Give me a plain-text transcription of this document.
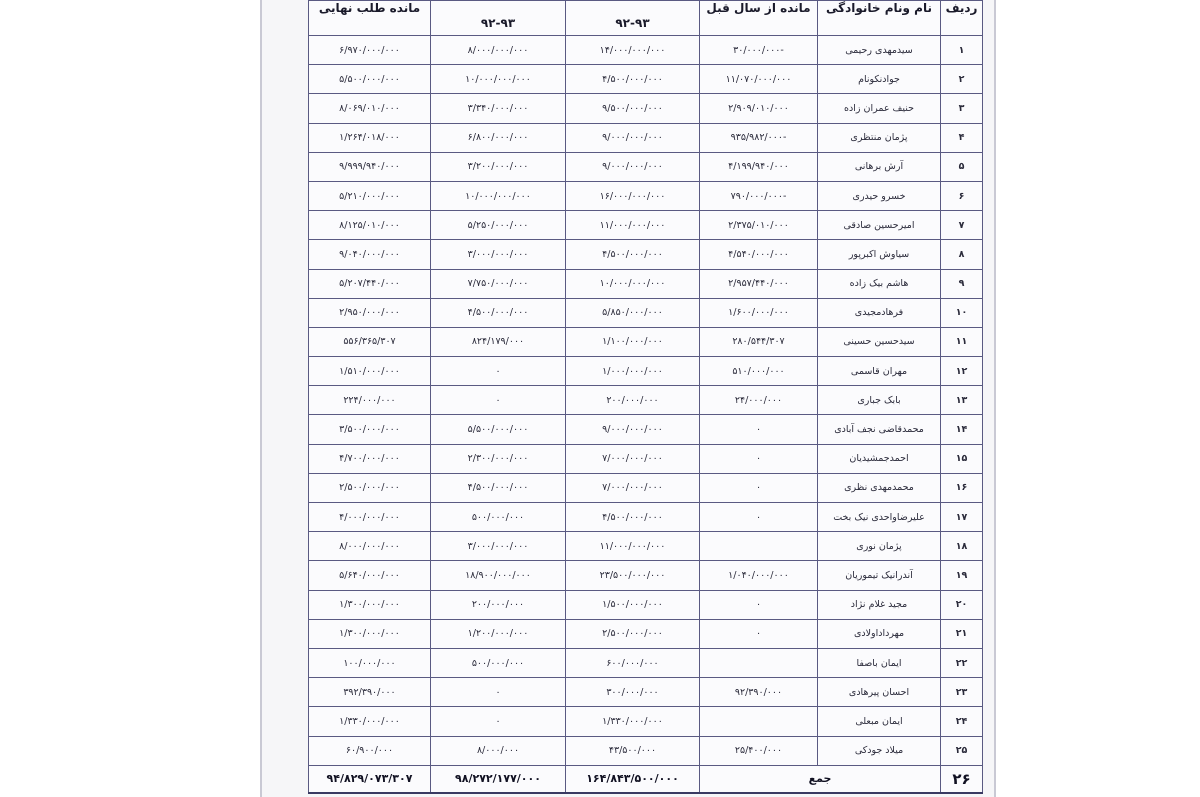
ردیف	نام ونام خانوادگی	مانده از سال قبل	۹۲-۹۳	۹۲-۹۳	مانده طلب نهایی
۱	سیدمهدی رحیمی	-۳۰/۰۰۰/۰۰۰	۱۴/۰۰۰/۰۰۰/۰۰۰	۸/۰۰۰/۰۰۰/۰۰۰	۶/۹۷۰/۰۰۰/۰۰۰
۲	جوادنکونام	۱۱/۰۷۰/۰۰۰/۰۰۰	۴/۵۰۰/۰۰۰/۰۰۰	۱۰/۰۰۰/۰۰۰/۰۰۰	۵/۵۰۰/۰۰۰/۰۰۰
۳	حنیف عمران زاده	۲/۹۰۹/۰۱۰/۰۰۰	۹/۵۰۰/۰۰۰/۰۰۰	۳/۳۴۰/۰۰۰/۰۰۰	۸/۰۶۹/۰۱۰/۰۰۰
۴	پژمان منتظری	-۹۳۵/۹۸۲/۰۰۰	۹/۰۰۰/۰۰۰/۰۰۰	۶/۸۰۰/۰۰۰/۰۰۰	۱/۲۶۴/۰۱۸/۰۰۰
۵	آرش برهانی	۴/۱۹۹/۹۴۰/۰۰۰	۹/۰۰۰/۰۰۰/۰۰۰	۳/۲۰۰/۰۰۰/۰۰۰	۹/۹۹۹/۹۴۰/۰۰۰
۶	خسرو حیدری	-۷۹۰/۰۰۰/۰۰۰	۱۶/۰۰۰/۰۰۰/۰۰۰	۱۰/۰۰۰/۰۰۰/۰۰۰	۵/۲۱۰/۰۰۰/۰۰۰
۷	امیرحسین صادقی	۲/۳۷۵/۰۱۰/۰۰۰	۱۱/۰۰۰/۰۰۰/۰۰۰	۵/۲۵۰/۰۰۰/۰۰۰	۸/۱۲۵/۰۱۰/۰۰۰
۸	سیاوش اکبرپور	۴/۵۴۰/۰۰۰/۰۰۰	۴/۵۰۰/۰۰۰/۰۰۰	۳/۰۰۰/۰۰۰/۰۰۰	۹/۰۴۰/۰۰۰/۰۰۰
۹	هاشم بیک زاده	۲/۹۵۷/۴۴۰/۰۰۰	۱۰/۰۰۰/۰۰۰/۰۰۰	۷/۷۵۰/۰۰۰/۰۰۰	۵/۲۰۷/۴۴۰/۰۰۰
۱۰	فرهادمجیدی	۱/۶۰۰/۰۰۰/۰۰۰	۵/۸۵۰/۰۰۰/۰۰۰	۴/۵۰۰/۰۰۰/۰۰۰	۲/۹۵۰/۰۰۰/۰۰۰
۱۱	سیدحسین حسینی	۲۸۰/۵۴۴/۳۰۷	۱/۱۰۰/۰۰۰/۰۰۰	۸۲۴/۱۷۹/۰۰۰	۵۵۶/۳۶۵/۳۰۷
۱۲	مهران قاسمی	۵۱۰/۰۰۰/۰۰۰	۱/۰۰۰/۰۰۰/۰۰۰	۰	۱/۵۱۰/۰۰۰/۰۰۰
۱۳	بابک جباری	۲۴/۰۰۰/۰۰۰	۲۰۰/۰۰۰/۰۰۰	۰	۲۲۴/۰۰۰/۰۰۰
۱۴	محمدقاضی نجف آبادی	۰	۹/۰۰۰/۰۰۰/۰۰۰	۵/۵۰۰/۰۰۰/۰۰۰	۳/۵۰۰/۰۰۰/۰۰۰
۱۵	احمدجمشیدیان	۰	۷/۰۰۰/۰۰۰/۰۰۰	۲/۳۰۰/۰۰۰/۰۰۰	۴/۷۰۰/۰۰۰/۰۰۰
۱۶	محمدمهدی نظری	۰	۷/۰۰۰/۰۰۰/۰۰۰	۴/۵۰۰/۰۰۰/۰۰۰	۲/۵۰۰/۰۰۰/۰۰۰
۱۷	علیرضاواحدی نیک بخت	۰	۴/۵۰۰/۰۰۰/۰۰۰	۵۰۰/۰۰۰/۰۰۰	۴/۰۰۰/۰۰۰/۰۰۰
۱۸	پژمان نوری		۱۱/۰۰۰/۰۰۰/۰۰۰	۳/۰۰۰/۰۰۰/۰۰۰	۸/۰۰۰/۰۰۰/۰۰۰
۱۹	آندرانیک تیموریان	۱/۰۴۰/۰۰۰/۰۰۰	۲۳/۵۰۰/۰۰۰/۰۰۰	۱۸/۹۰۰/۰۰۰/۰۰۰	۵/۶۴۰/۰۰۰/۰۰۰
۲۰	مجید غلام نژاد	۰	۱/۵۰۰/۰۰۰/۰۰۰	۲۰۰/۰۰۰/۰۰۰	۱/۳۰۰/۰۰۰/۰۰۰
۲۱	مهرداداولادی	۰	۲/۵۰۰/۰۰۰/۰۰۰	۱/۲۰۰/۰۰۰/۰۰۰	۱/۳۰۰/۰۰۰/۰۰۰
۲۲	ایمان باصفا		۶۰۰/۰۰۰/۰۰۰	۵۰۰/۰۰۰/۰۰۰	۱۰۰/۰۰۰/۰۰۰
۲۳	احسان پیرهادی	۹۲/۳۹۰/۰۰۰	۳۰۰/۰۰۰/۰۰۰	۰	۳۹۲/۳۹۰/۰۰۰
۲۴	ایمان مبعلی		۱/۳۳۰/۰۰۰/۰۰۰	۰	۱/۳۳۰/۰۰۰/۰۰۰
۲۵	میلاد جودکی	۲۵/۴۰۰/۰۰۰	۴۳/۵۰۰/۰۰۰	۸/۰۰۰/۰۰۰	۶۰/۹۰۰/۰۰۰
۲۶	جمع		۱۶۴/۸۴۳/۵۰۰/۰۰۰	۹۸/۲۷۲/۱۷۷/۰۰۰	۹۴/۸۲۹/۰۷۳/۳۰۷
